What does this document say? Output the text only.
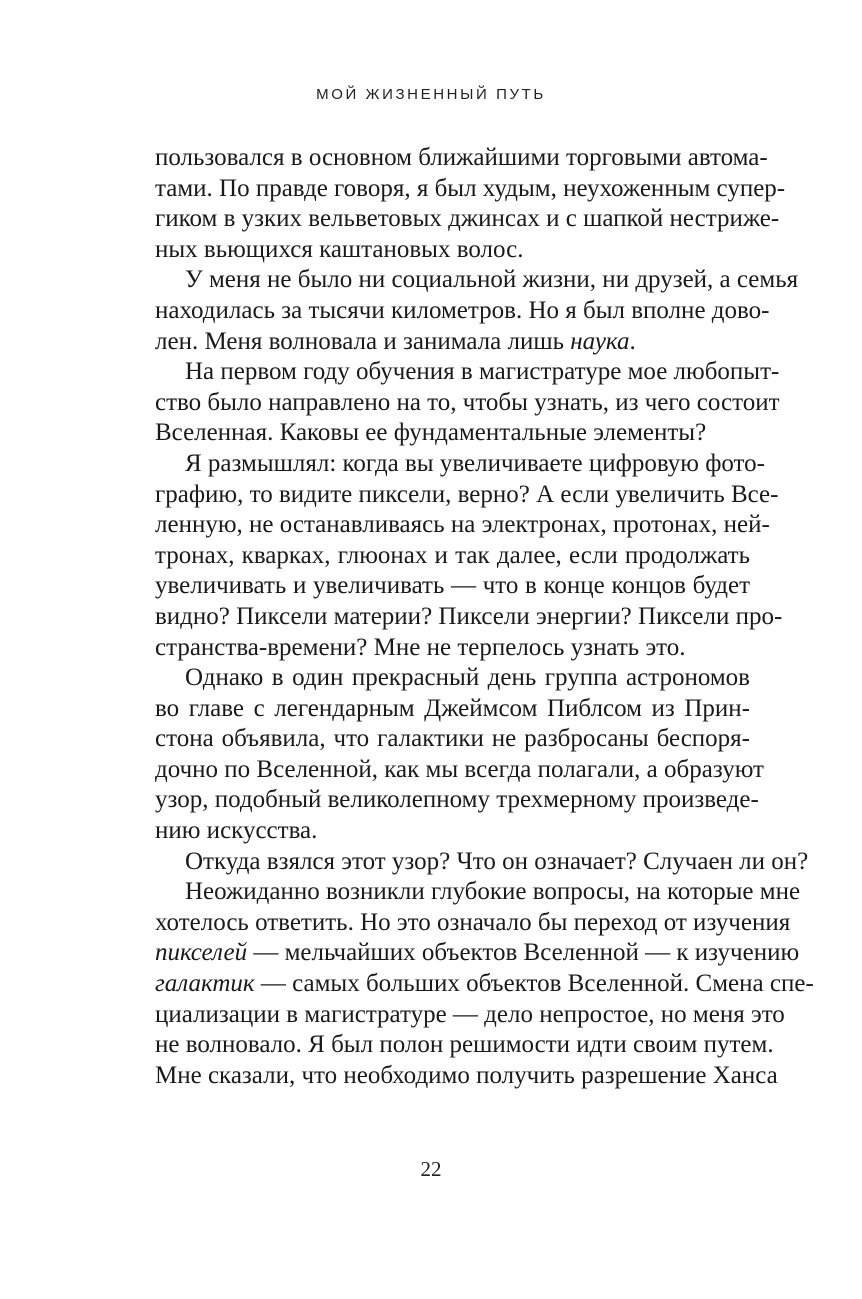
МОЙ ЖИЗНЕННЫЙ ПУТЬ
пользовался в основном ближайшими торговыми автома-
тами. По правде говоря, я был худым, неухоженным супер-
гиком в узких вельветовых джинсах и с шапкой нестриже-
ных вьющихся каштановых волос.
У меня не было ни социальной жизни, ни друзей, а семья
находилась за тысячи километров. Но я был вполне дово-
лен. Меня волновала и занимала лишь наука.
На первом году обучения в магистратуре мое любопыт-
ство было направлено на то, чтобы узнать, из чего состоит
Вселенная. Каковы ее фундаментальные элементы?
Я размышлял: когда вы увеличиваете цифровую фото-
графию, то видите пиксели, верно? А если увеличить Все-
ленную, не останавливаясь на электронах, протонах, ней-
тронах, кварках, глюонах и так далее, если продолжать
увеличивать и увеличивать — что в конце концов будет
видно? Пиксели материи? Пиксели энергии? Пиксели про-
странства-времени? Мне не терпелось узнать это.
Однако в один прекрасный день группа астрономов
во главе с легендарным Джеймсом Пиблсом из Прин-
стона объявила, что галактики не разбросаны беспоря-
дочно по Вселенной, как мы всегда полагали, а образуют
узор, подобный великолепному трехмерному произведе-
нию искусства.
Откуда взялся этот узор? Что он означает? Случаен ли он?
Неожиданно возникли глубокие вопросы, на которые мне
хотелось ответить. Но это означало бы переход от изучения
пикселей — мельчайших объектов Вселенной — к изучению
галактик — самых больших объектов Вселенной. Смена спе-
циализации в магистратуре — дело непростое, но меня это
не волновало. Я был полон решимости идти своим путем.
Мне сказали, что необходимо получить разрешение Ханса
22
